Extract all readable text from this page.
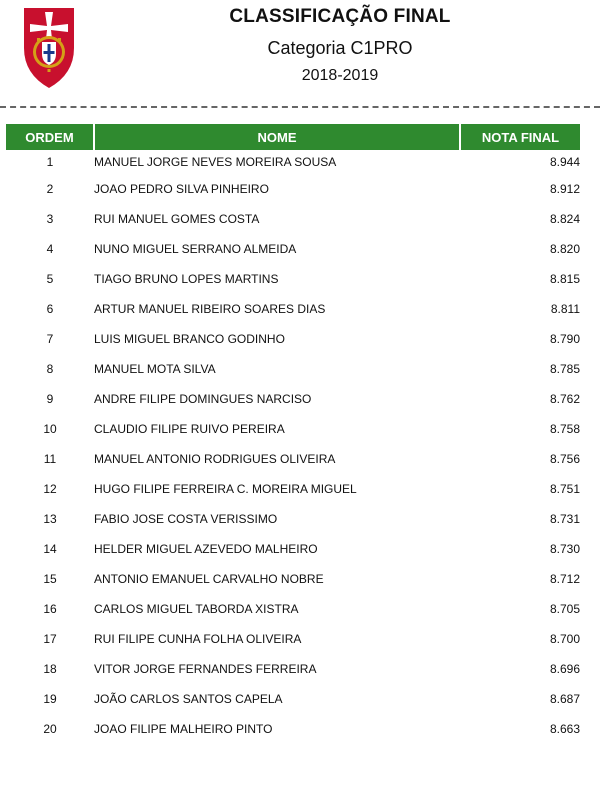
CLASSIFICAÇÃO FINAL
Categoria C1PRO
2018-2019
ORDEM	NOME	NOTA FINAL
1	MANUEL JORGE NEVES MOREIRA SOUSA	8.944
2	JOAO PEDRO SILVA PINHEIRO	8.912
3	RUI MANUEL GOMES COSTA	8.824
4	NUNO MIGUEL SERRANO ALMEIDA	8.820
5	TIAGO BRUNO LOPES MARTINS	8.815
6	ARTUR MANUEL RIBEIRO SOARES DIAS	8.811
7	LUIS MIGUEL BRANCO GODINHO	8.790
8	MANUEL MOTA SILVA	8.785
9	ANDRE FILIPE DOMINGUES NARCISO	8.762
10	CLAUDIO FILIPE RUIVO PEREIRA	8.758
11	MANUEL ANTONIO RODRIGUES OLIVEIRA	8.756
12	HUGO FILIPE FERREIRA C. MOREIRA MIGUEL	8.751
13	FABIO JOSE COSTA VERISSIMO	8.731
14	HELDER MIGUEL AZEVEDO MALHEIRO	8.730
15	ANTONIO EMANUEL CARVALHO NOBRE	8.712
16	CARLOS MIGUEL TABORDA XISTRA	8.705
17	RUI FILIPE CUNHA FOLHA OLIVEIRA	8.700
18	VITOR JORGE FERNANDES FERREIRA	8.696
19	JOÃO CARLOS SANTOS CAPELA	8.687
20	JOAO FILIPE MALHEIRO PINTO	8.663
